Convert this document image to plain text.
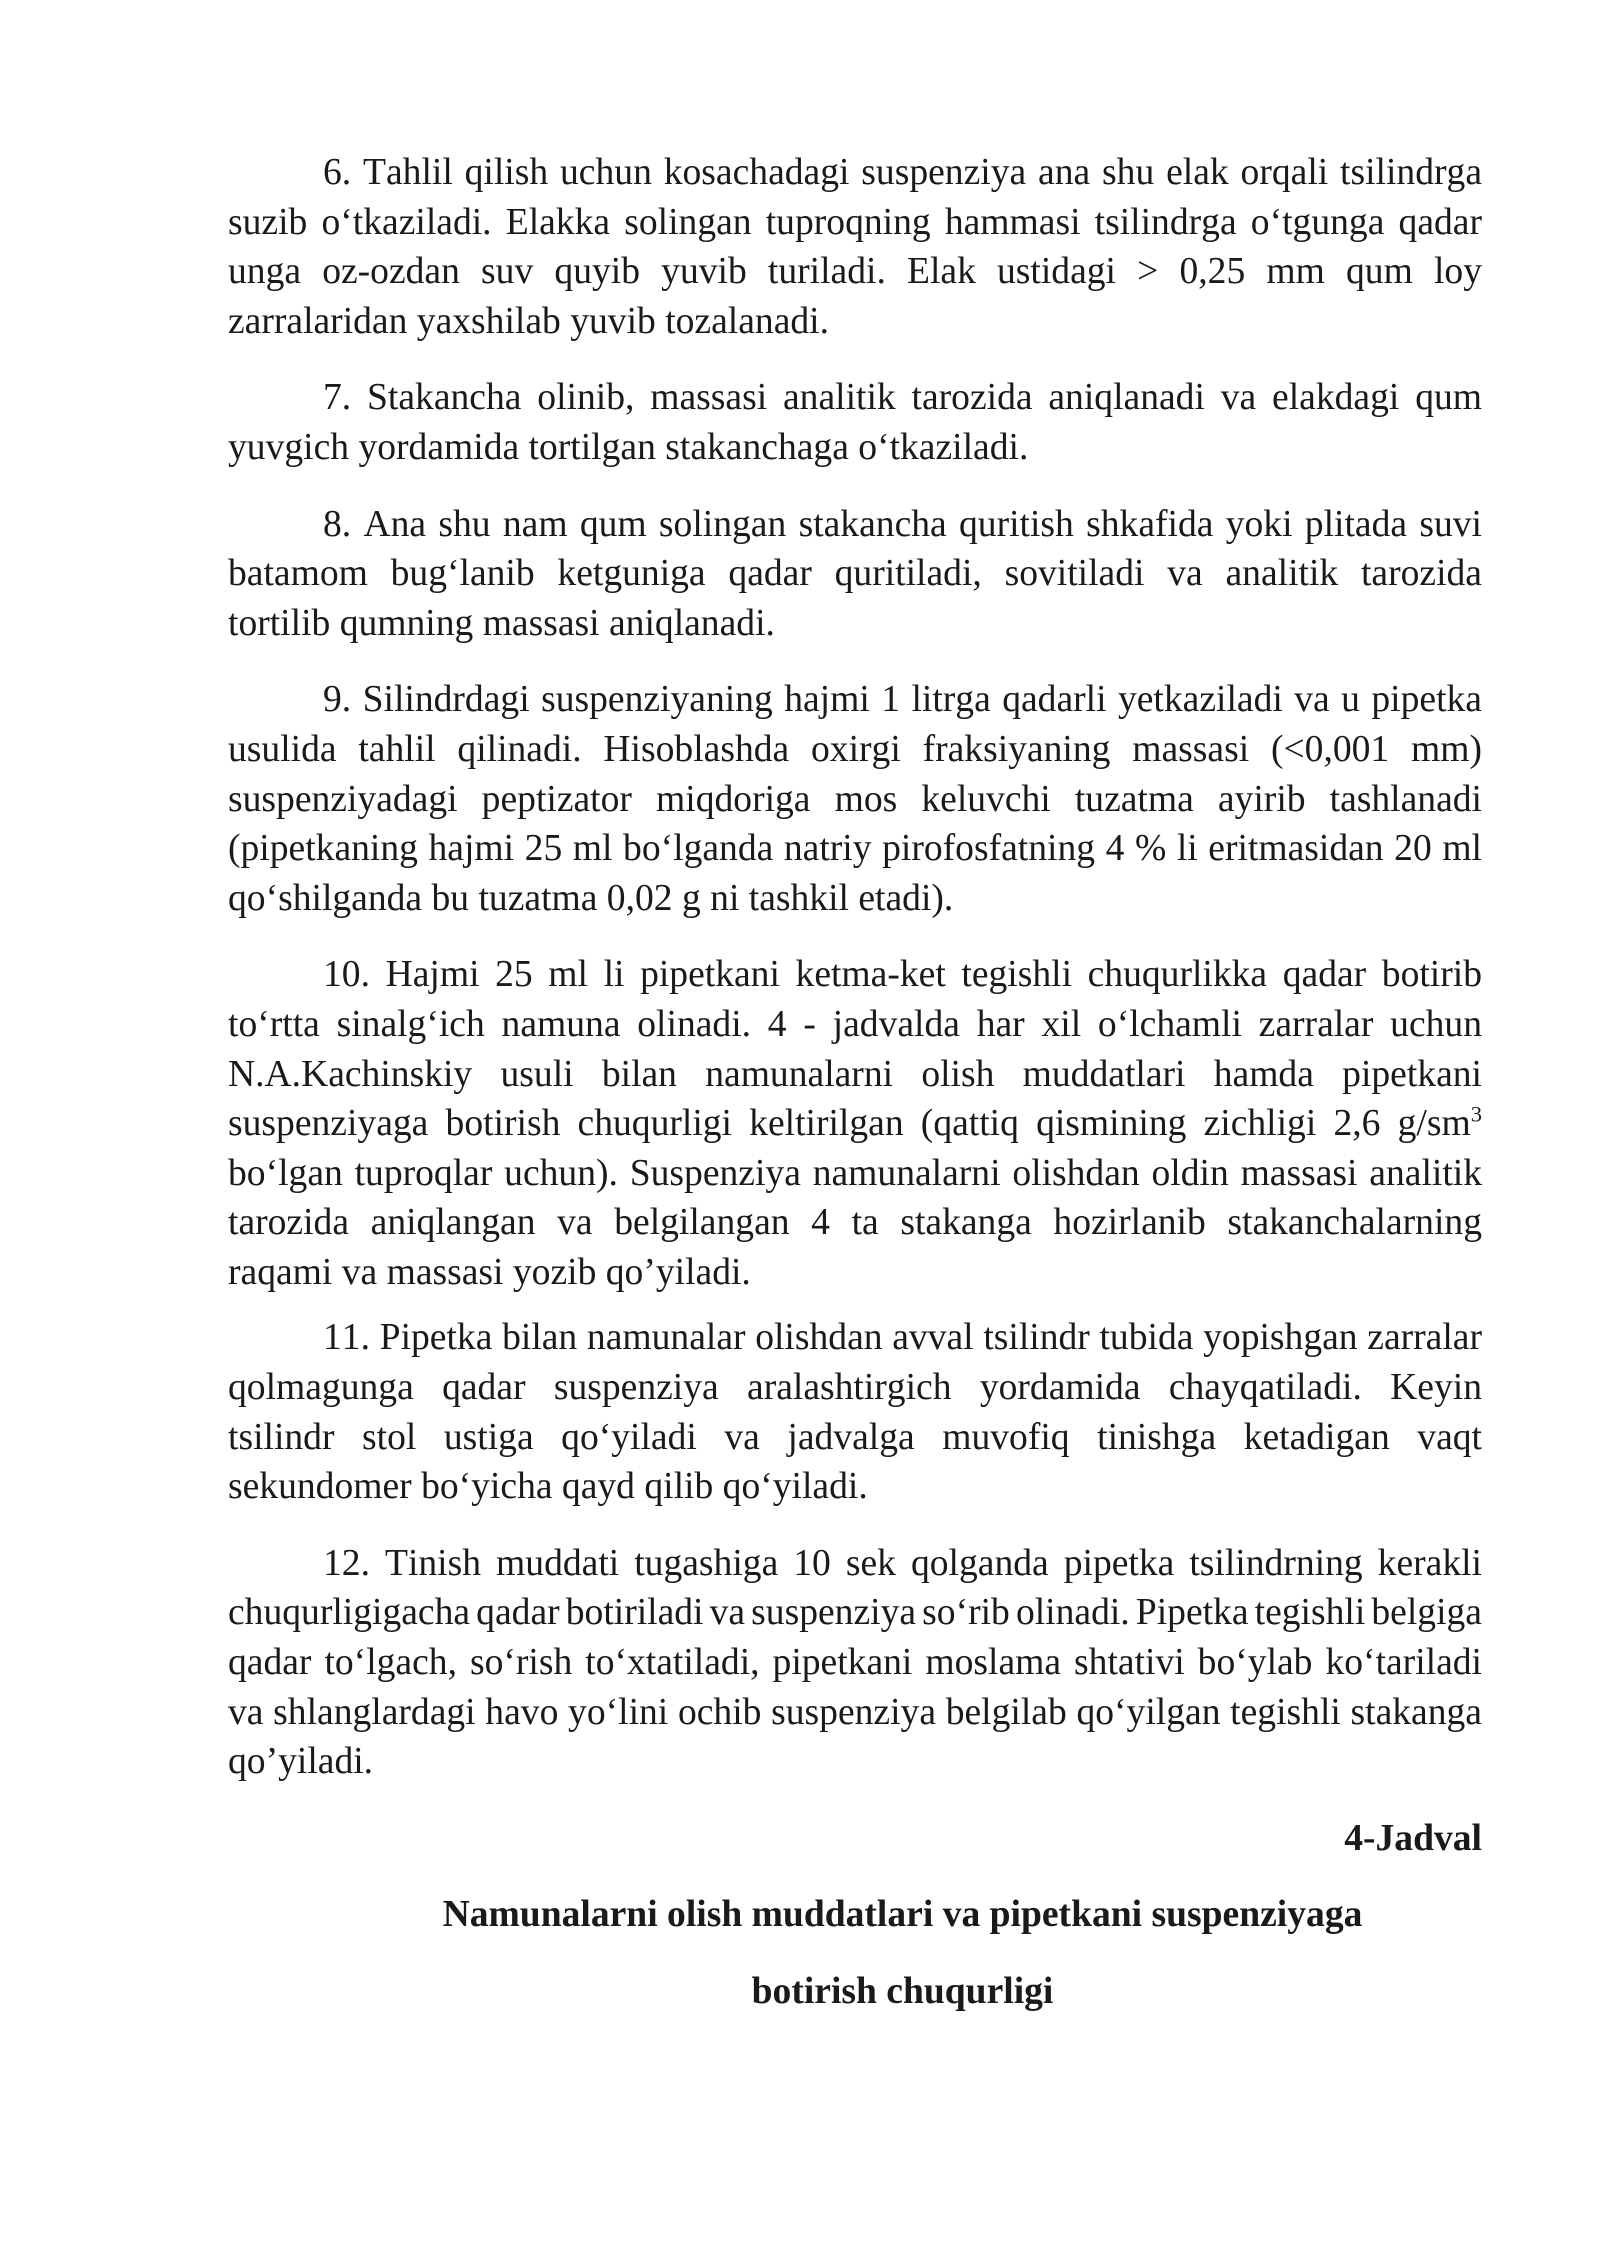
6. Tahlil qilish uchun kosachadagi suspenziya ana shu elak orqali tsilindrga
suzib o‘tkaziladi. Elakka solingan tuproqning hammasi tsilindrga o‘tgunga qadar
unga oz-ozdan suv quyib yuvib turiladi. Elak ustidagi > 0,25 mm qum loy
zarralaridan yaxshilab yuvib tozalanadi.
7. Stakancha olinib, massasi analitik tarozida aniqlanadi va elakdagi qum
yuvgich yordamida tortilgan stakanchaga o‘tkaziladi.
8. Ana shu nam qum solingan stakancha quritish shkafida yoki plitada suvi
batamom bug‘lanib ketguniga qadar quritiladi, sovitiladi va analitik tarozida
tortilib qumning massasi aniqlanadi.
9. Silindrdagi suspenziyaning hajmi 1 litrga qadarli yetkaziladi va u pipetka
usulida tahlil qilinadi. Hisoblashda oxirgi fraksiyaning massasi (<0,001 mm)
suspenziyadagi peptizator miqdoriga mos keluvchi tuzatma ayirib tashlanadi
(pipetkaning hajmi 25 ml bo‘lganda natriy pirofosfatning 4 % li eritmasidan 20 ml
qo‘shilganda bu tuzatma 0,02 g ni tashkil etadi).
10. Hajmi 25 ml li pipetkani ketma-ket tegishli chuqurlikka qadar botirib
to‘rtta sinalg‘ich namuna olinadi. 4 - jadvalda har xil o‘lchamli zarralar uchun
N.A.Kachinskiy usuli bilan namunalarni olish muddatlari hamda pipetkani
suspenziyaga botirish chuqurligi keltirilgan (qattiq qismining zichligi 2,6 $g/sm^3$
bo‘lgan tuproqlar uchun). Suspenziya namunalarni olishdan oldin massasi analitik
tarozida aniqlangan va belgilangan 4 ta stakanga hozirlanib stakanchalarning
raqami va massasi yozib qo’yiladi.
11. Pipetka bilan namunalar olishdan avval tsilindr tubida yopishgan zarralar
qolmagunga qadar suspenziya aralashtirgich yordamida chayqatiladi. Keyin
tsilindr stol ustiga qo‘yiladi va jadvalga muvofiq tinishga ketadigan vaqt
sekundomer bo‘yicha qayd qilib qo‘yiladi.
12. Tinish muddati tugashiga 10 sek qolganda pipetka tsilindrning kerakli
chuqurligigacha qadar botiriladi va suspenziya so‘rib olinadi. Pipetka tegishli belgiga
qadar to‘lgach, so‘rish to‘xtatiladi, pipetkani moslama shtativi bo‘ylab ko‘tariladi
va shlanglardagi havo yo‘lini ochib suspenziya belgilab qo‘yilgan tegishli stakanga
qo’yiladi.
4-Jadval
Namunalarni olish muddatlari va pipetkani suspenziyaga
botirish chuqurligi
